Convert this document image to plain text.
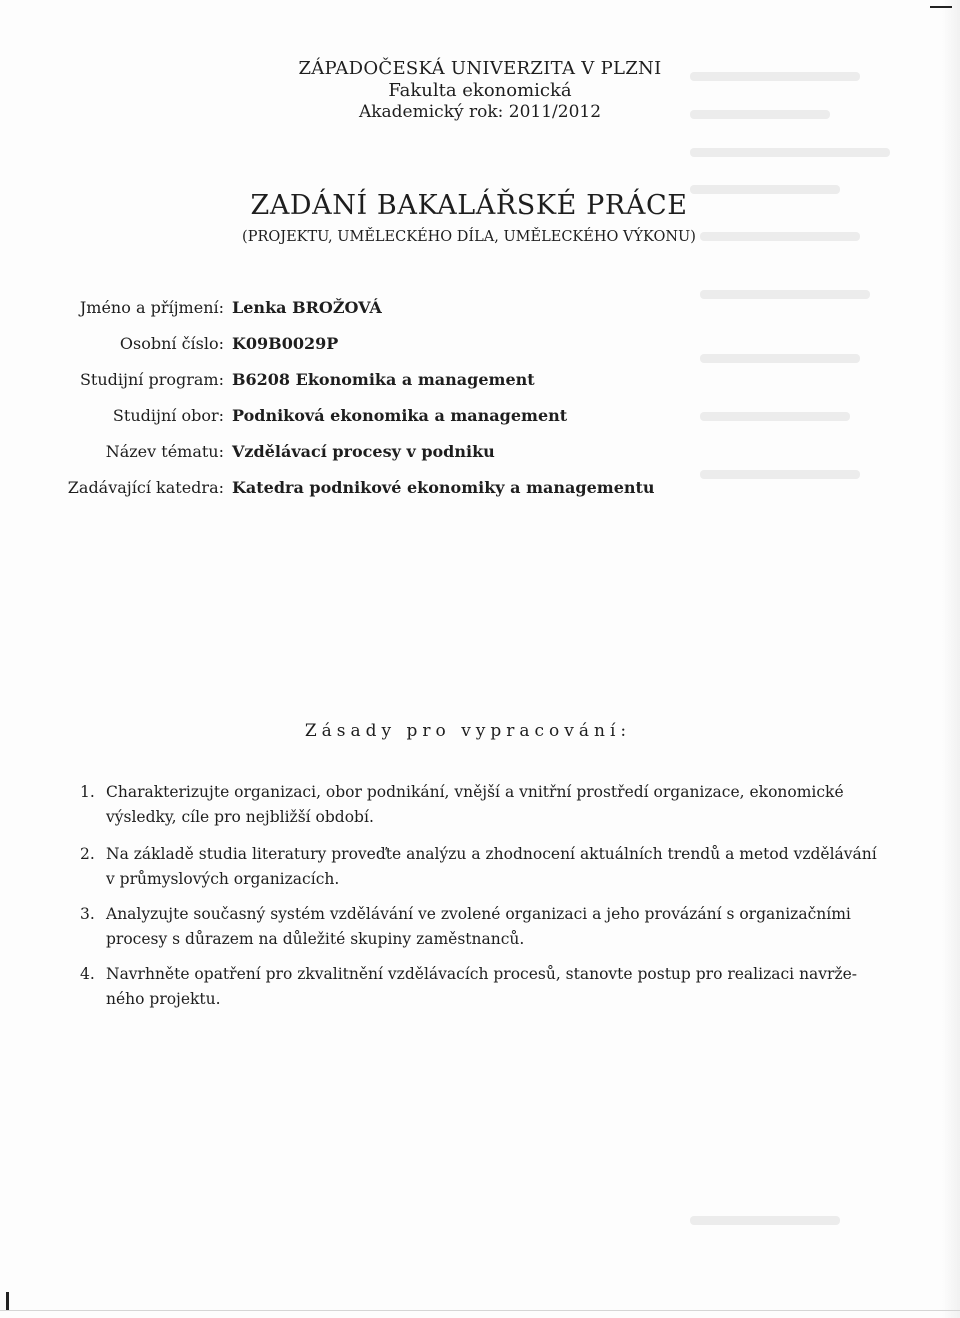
ZÁPADOČESKÁ UNIVERZITA V PLZNI
Fakulta ekonomická
Akademický rok: 2011/2012
ZADÁNÍ BAKALÁŘSKÉ PRÁCE
(PROJEKTU, UMĚLECKÉHO DÍLA, UMĚLECKÉHO VÝKONU)
Jméno a příjmení: Lenka BROŽOVÁ
Osobní číslo: K09B0029P
Studijní program: B6208 Ekonomika a management
Studijní obor: Podniková ekonomika a management
Název tématu: Vzdělávací procesy v podniku
Zadávající katedra: Katedra podnikové ekonomiky a managementu
Zásady pro vypracování:
1. Charakterizujte organizaci, obor podnikání, vnější a vnitřní prostředí organizace, ekonomické
výsledky, cíle pro nejbližší období.
2. Na základě studia literatury proveďte analýzu a zhodnocení aktuálních trendů a metod vzdělávání
v průmyslových organizacích.
3. Analyzujte současný systém vzdělávání ve zvolené organizaci a jeho provázání s organizačními
procesy s důrazem na důležité skupiny zaměstnanců.
4. Navrhněte opatření pro zkvalitnění vzdělávacích procesů, stanovte postup pro realizaci navrže-
ného projektu.
